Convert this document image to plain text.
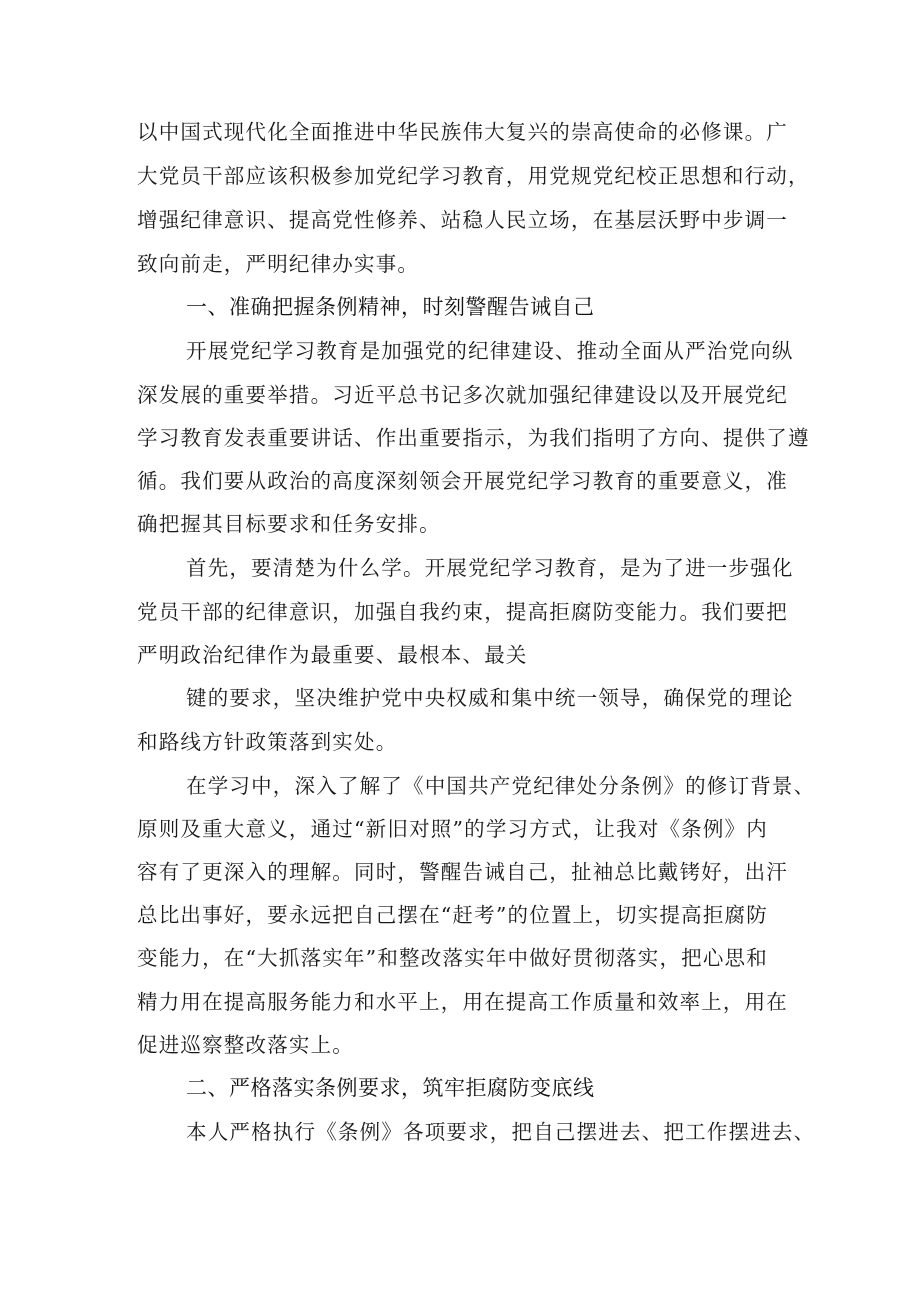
以中国式现代化全面推进中华民族伟大复兴的崇高使命的必修课。广
大党员干部应该积极参加党纪学习教育，用党规党纪校正思想和行动，
增强纪律意识、提高党性修养、站稳人民立场，在基层沃野中步调一
致向前走，严明纪律办实事。
一、准确把握条例精神，时刻警醒告诫自己
开展党纪学习教育是加强党的纪律建设、推动全面从严治党向纵
深发展的重要举措。习近平总书记多次就加强纪律建设以及开展党纪
学习教育发表重要讲话、作出重要指示，为我们指明了方向、提供了遵
循。我们要从政治的高度深刻领会开展党纪学习教育的重要意义，准
确把握其目标要求和任务安排。
首先，要清楚为什么学。开展党纪学习教育，是为了进一步强化
党员干部的纪律意识，加强自我约束，提高拒腐防变能力。我们要把
严明政治纪律作为最重要、最根本、最关
键的要求，坚决维护党中央权威和集中统一领导，确保党的理论
和路线方针政策落到实处。
在学习中，深入了解了《中国共产党纪律处分条例》的修订背景、
原则及重大意义，通过“新旧对照”的学习方式，让我对《条例》内
容有了更深入的理解。同时，警醒告诫自己，扯袖总比戴铐好，出汗
总比出事好，要永远把自己摆在“赶考”的位置上，切实提高拒腐防
变能力，在“大抓落实年”和整改落实年中做好贯彻落实，把心思和
精力用在提高服务能力和水平上，用在提高工作质量和效率上，用在
促进巡察整改落实上。
二、严格落实条例要求，筑牢拒腐防变底线
本人严格执行《条例》各项要求，把自己摆进去、把工作摆进去、
